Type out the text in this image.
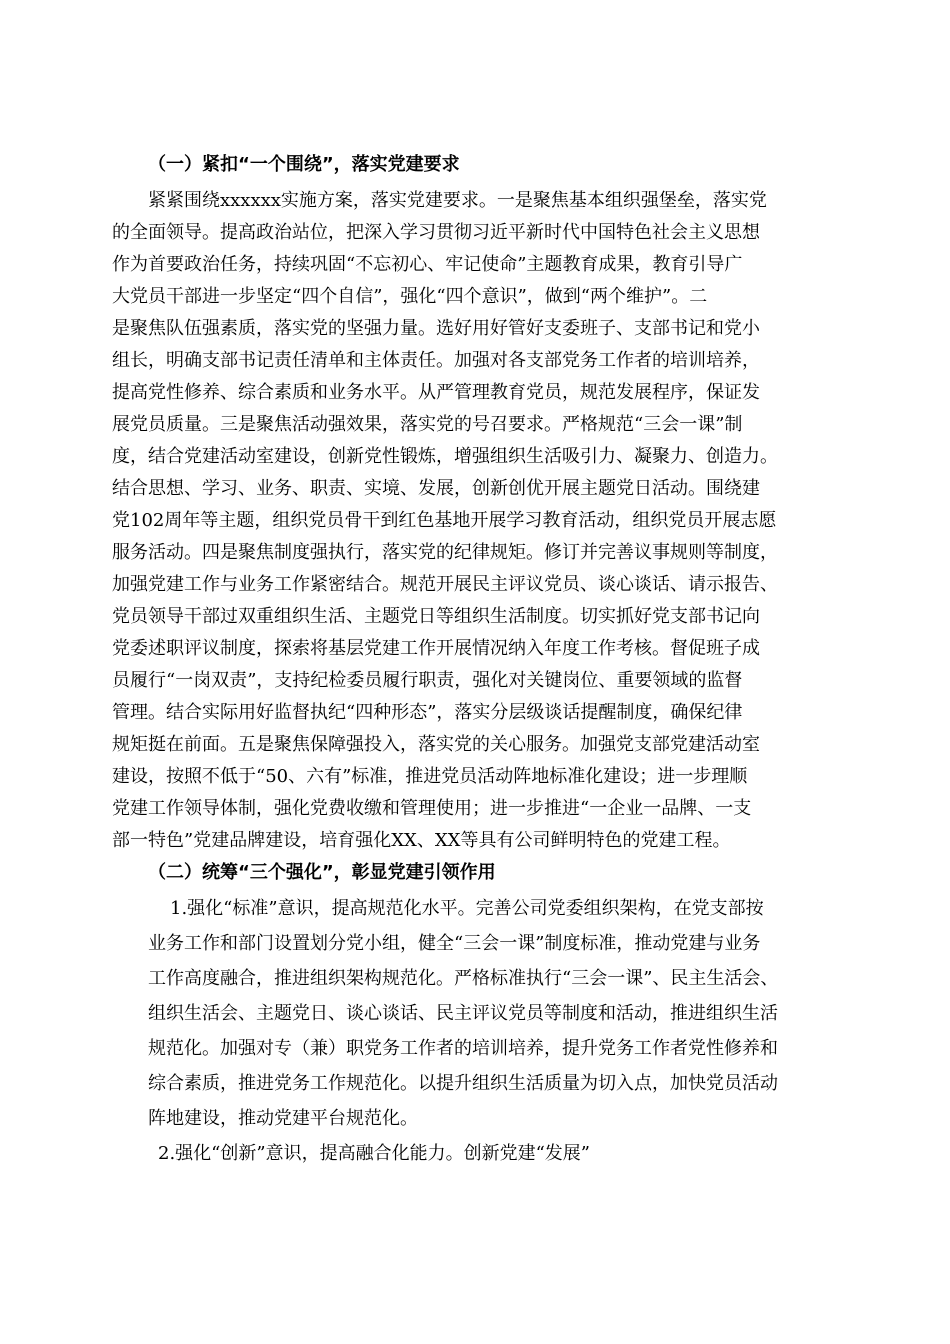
（一）紧扣“一个围绕”，落实党建要求
紧紧围绕xxxxxx实施方案，落实党建要求。一是聚焦基本组织强堡垒，落实党
的全面领导。提高政治站位，把深入学习贯彻习近平新时代中国特色社会主义思想
作为首要政治任务，持续巩固“不忘初心、牢记使命”主题教育成果，教育引导广
大党员干部进一步坚定“四个自信”，强化“四个意识”，做到“两个维护”。二
是聚焦队伍强素质，落实党的坚强力量。选好用好管好支委班子、支部书记和党小
组长，明确支部书记责任清单和主体责任。加强对各支部党务工作者的培训培养，
提高党性修养、综合素质和业务水平。从严管理教育党员，规范发展程序，保证发
展党员质量。三是聚焦活动强效果，落实党的号召要求。严格规范“三会一课”制
度，结合党建活动室建设，创新党性锻炼，增强组织生活吸引力、凝聚力、创造力。
结合思想、学习、业务、职责、实境、发展，创新创优开展主题党日活动。围绕建
党102周年等主题，组织党员骨干到红色基地开展学习教育活动，组织党员开展志愿
服务活动。四是聚焦制度强执行，落实党的纪律规矩。修订并完善议事规则等制度，
加强党建工作与业务工作紧密结合。规范开展民主评议党员、谈心谈话、请示报告、
党员领导干部过双重组织生活、主题党日等组织生活制度。切实抓好党支部书记向
党委述职评议制度，探索将基层党建工作开展情况纳入年度工作考核。督促班子成
员履行“一岗双责”，支持纪检委员履行职责，强化对关键岗位、重要领域的监督
管理。结合实际用好监督执纪“四种形态”，落实分层级谈话提醒制度，确保纪律
规矩挺在前面。五是聚焦保障强投入，落实党的关心服务。加强党支部党建活动室
建设，按照不低于“50、六有”标准，推进党员活动阵地标准化建设；进一步理顺
党建工作领导体制，强化党费收缴和管理使用；进一步推进“一企业一品牌、一支
部一特色”党建品牌建设，培育强化XX、XX等具有公司鲜明特色的党建工程。
（二）统筹“三个强化”，彰显党建引领作用
1.强化“标准”意识，提高规范化水平。完善公司党委组织架构，在党支部按
业务工作和部门设置划分党小组，健全“三会一课”制度标准，推动党建与业务
工作高度融合，推进组织架构规范化。严格标准执行“三会一课”、民主生活会、
组织生活会、主题党日、谈心谈话、民主评议党员等制度和活动，推进组织生活
规范化。加强对专（兼）职党务工作者的培训培养，提升党务工作者党性修养和
综合素质，推进党务工作规范化。以提升组织生活质量为切入点，加快党员活动
阵地建设，推动党建平台规范化。
2.强化“创新”意识，提高融合化能力。创新党建“发展”
